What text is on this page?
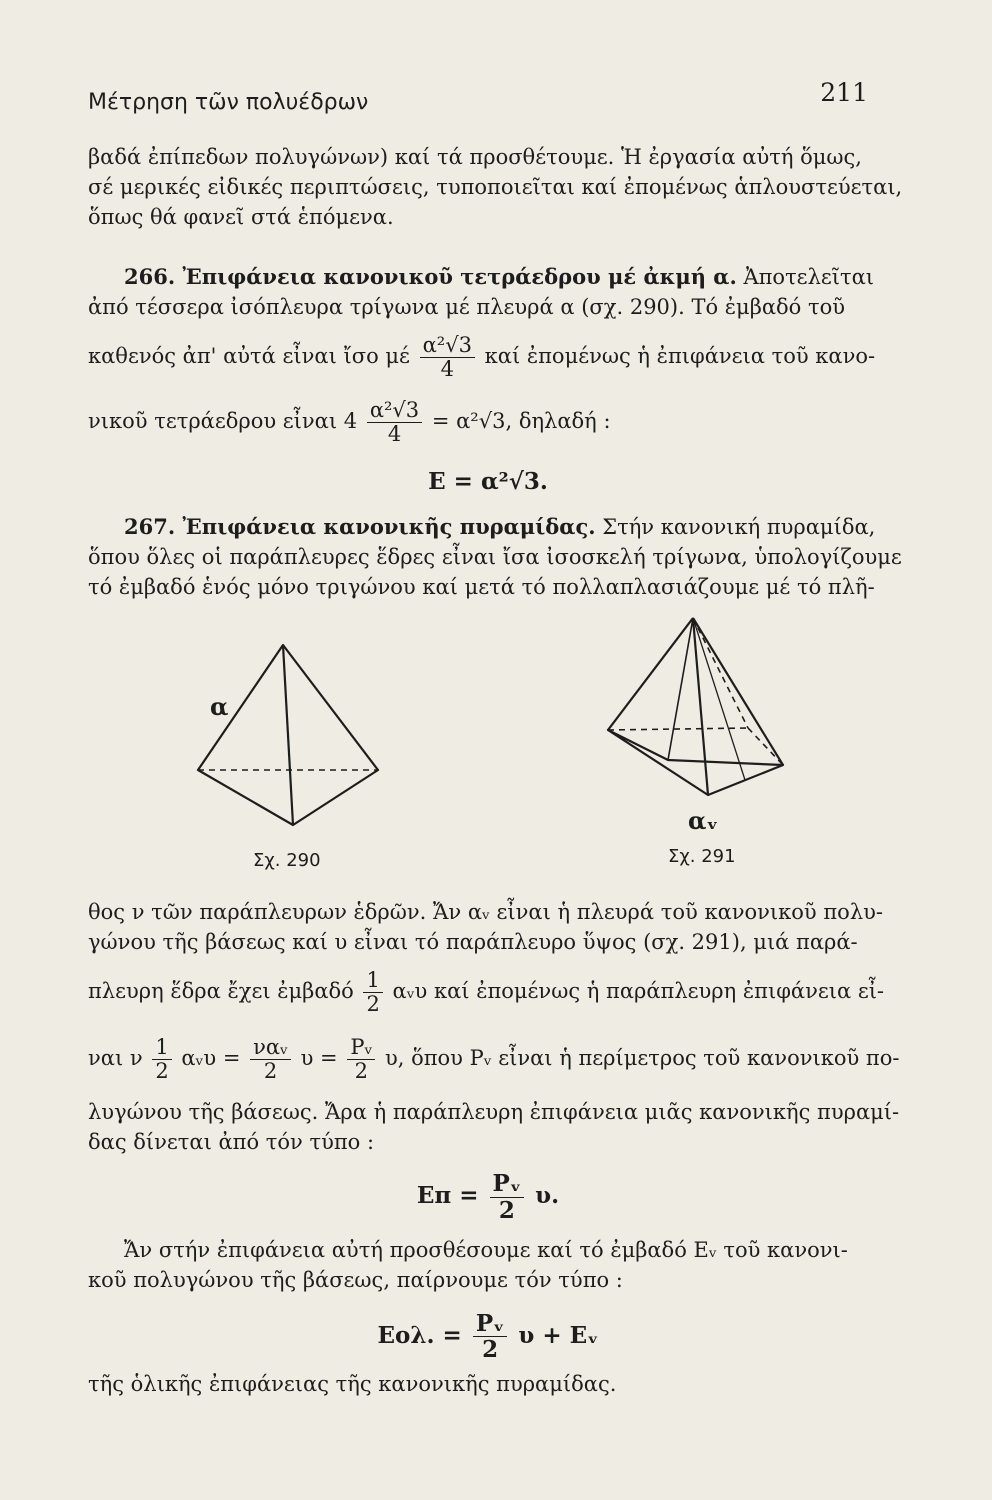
Μέτρηση τῶν πολυέδρων	211
βαδά ἐπίπεδων πολυγώνων) καί τά προσθέτουμε. Ἡ ἐργασία αὐτή ὅμως,
σέ μερικές εἰδικές περιπτώσεις, τυποποιεῖται καί ἐπομένως ἁπλουστεύεται,
ὅπως θά φανεῖ στά ἑπόμενα.
266. Ἐπιφάνεια κανονικοῦ τετράεδρου μέ ἀκμή α. Ἀποτελεῖται
ἀπό τέσσερα ἰσόπλευρα τρίγωνα μέ πλευρά α (σχ. 290). Τό ἐμβαδό τοῦ
καθενός ἀπ' αὐτά εἶναι ἴσο μέ $\frac{\text{α²√3}}{4}$ καί ἐπομένως ἡ ἐπιφάνεια τοῦ κανο-
νικοῦ τετράεδρου εἶναι $4 \frac{\text{α²√3}}{4} = \alpha^2√3$, δηλαδή :
E = α²√3.
267. Ἐπιφάνεια κανονικῆς πυραμίδας. Στήν κανονική πυραμίδα,
ὅπου ὅλες οἱ παράπλευρες ἕδρες εἶναι ἴσα ἰσοσκελή τρίγωνα, ὑπολογίζουμε
τό ἐμβαδό ἑνός μόνο τριγώνου καί μετά τό πολλαπλασιάζουμε μέ τό πλῆ-
α
Σχ. 290
αᵥ
Σχ. 291
θος ν τῶν παράπλευρων ἑδρῶν. Ἄν αᵥ εἶναι ἡ πλευρά τοῦ κανονικοῦ πολυ-
γώνου τῆς βάσεως καί υ εἶναι τό παράπλευρο ὕψος (σχ. 291), μιά παρά-
πλευρη ἕδρα ἔχει ἐμβαδό $\frac{1}{2}$ αᵥυ καί ἐπομένως ἡ παράπλευρη ἐπιφάνεια εἶ-
ναι ν $\frac{1}{2}$ αᵥυ = $\frac{\text{ναᵥ}}{2}$ $\upsilon = \frac{\text{Pᵥ}}{2} \upsilon$, ὅπου Pᵥ εἶναι ἡ περίμετρος τοῦ κανονικοῦ πο-
λυγώνου τῆς βάσεως. Ἄρα ἡ παράπλευρη ἐπιφάνεια μιᾶς κανονικῆς πυραμί-
δας δίνεται ἀπό τόν τύπο :
$E\pi = \frac{\text{Pᵥ}}{2} \upsilon$.
Ἄν στήν ἐπιφάνεια αὐτή προσθέσουμε καί τό ἐμβαδό Eᵥ τοῦ κανονι-
κοῦ πολυγώνου τῆς βάσεως, παίρνουμε τόν τύπο :
Eολ. = $\frac{\text{Pᵥ}}{2}$ υ + Eᵥ
τῆς ὁλικῆς ἐπιφάνειας τῆς κανονικῆς πυραμίδας.
